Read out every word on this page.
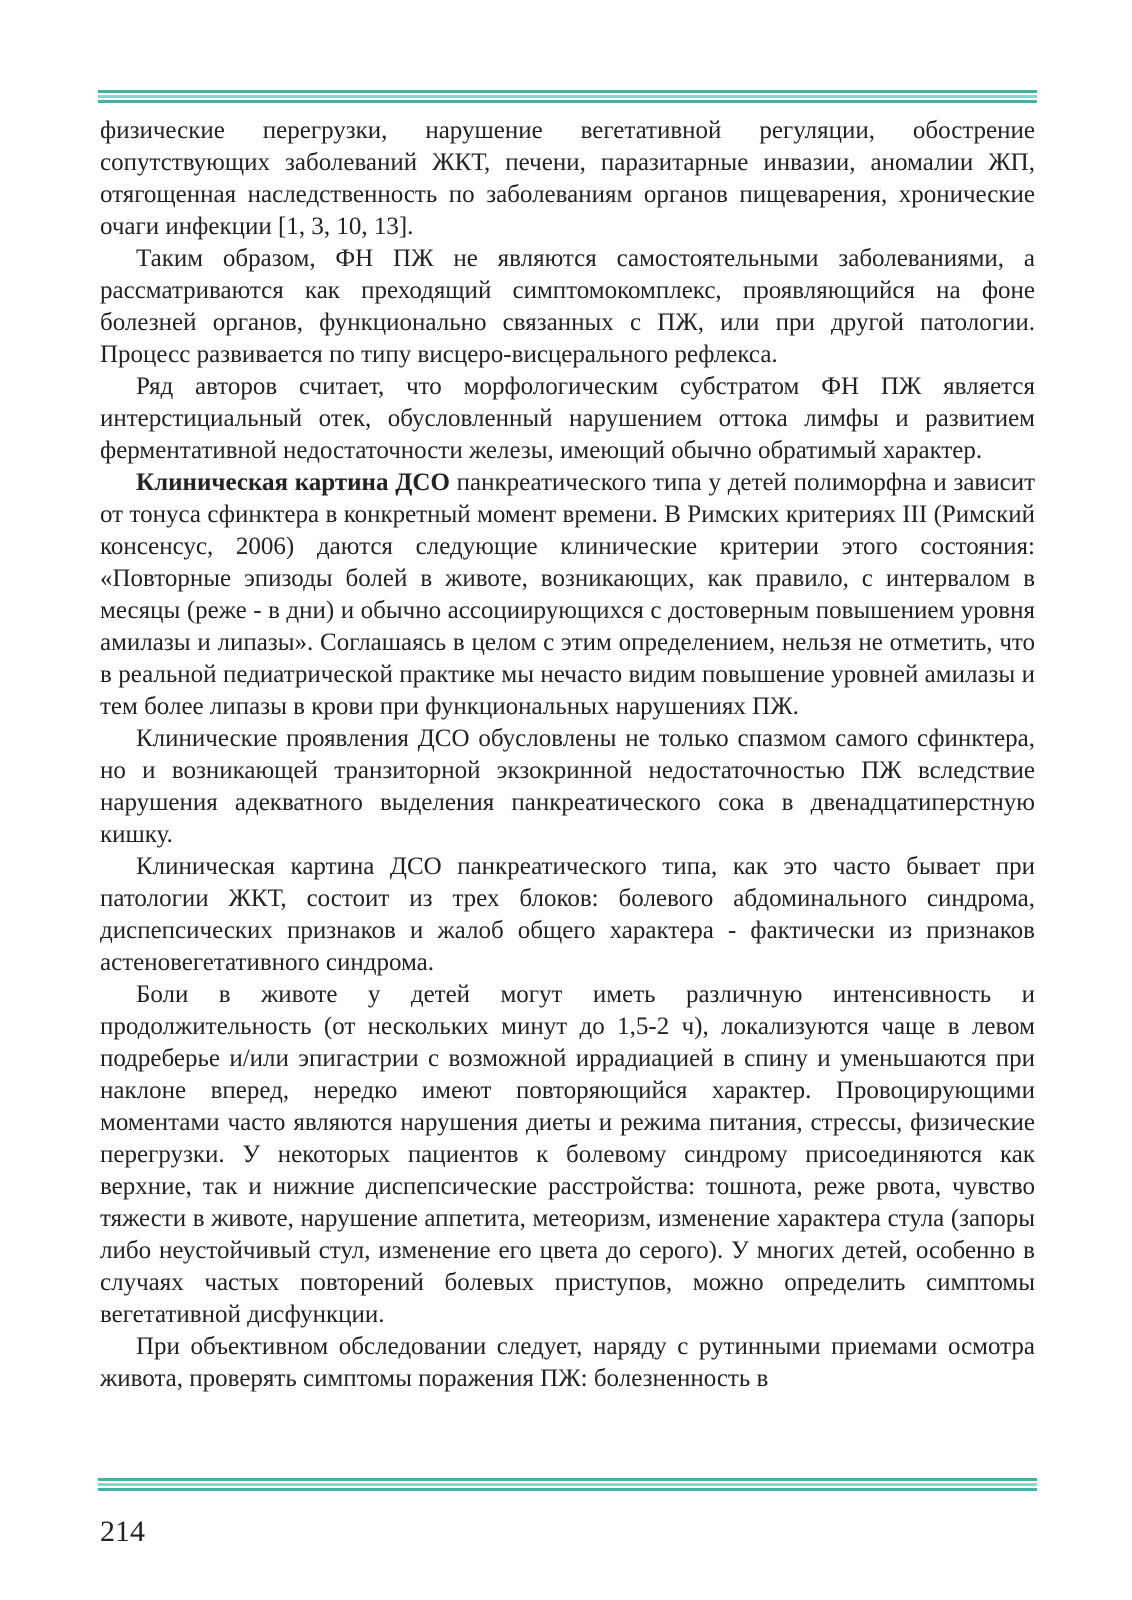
физические перегрузки, нарушение вегетативной регуляции, обострение сопутствующих заболеваний ЖКТ, печени, паразитарные инвазии, аномалии ЖП, отягощенная наследственность по заболеваниям органов пищеварения, хронические очаги инфекции [1, 3, 10, 13].

Таким образом, ФН ПЖ не являются самостоятельными заболеваниями, а рассматриваются как преходящий симптомокомплекс, проявляющийся на фоне болезней органов, функционально связанных с ПЖ, или при другой патологии. Процесс развивается по типу висцеро-висцерального рефлекса.

Ряд авторов считает, что морфологическим субстратом ФН ПЖ является интерстициальный отек, обусловленный нарушением оттока лимфы и развитием ферментативной недостаточности железы, имеющий обычно обратимый характер.

Клиническая картина ДСО панкреатического типа у детей полиморфна и зависит от тонуса сфинктера в конкретный момент времени. В Римских критериях III (Римский консенсус, 2006) даются следующие клинические критерии этого состояния: «Повторные эпизоды болей в животе, возникающих, как правило, с интервалом в месяцы (реже - в дни) и обычно ассоциирующихся с достоверным повышением уровня амилазы и липазы». Соглашаясь в целом с этим определением, нельзя не отметить, что в реальной педиатрической практике мы нечасто видим повышение уровней амилазы и тем более липазы в крови при функциональных нарушениях ПЖ.

Клинические проявления ДСО обусловлены не только спазмом самого сфинктера, но и возникающей транзиторной экзокринной недостаточностью ПЖ вследствие нарушения адекватного выделения панкреатического сока в двенадцатиперстную кишку.

Клиническая картина ДСО панкреатического типа, как это часто бывает при патологии ЖКТ, состоит из трех блоков: болевого абдоминального синдрома, диспепсических признаков и жалоб общего характера - фактически из признаков астеновегетативного синдрома.

Боли в животе у детей могут иметь различную интенсивность и продолжительность (от нескольких минут до 1,5-2 ч), локализуются чаще в левом подреберье и/или эпигастрии с возможной иррадиацией в спину и уменьшаются при наклоне вперед, нередко имеют повторяющийся характер. Провоцирующими моментами часто являются нарушения диеты и режима питания, стрессы, физические перегрузки. У некоторых пациентов к болевому синдрому присоединяются как верхние, так и нижние диспепсические расстройства: тошнота, реже рвота, чувство тяжести в животе, нарушение аппетита, метеоризм, изменение характера стула (запоры либо неустойчивый стул, изменение его цвета до серого). У многих детей, особенно в случаях частых повторений болевых приступов, можно определить симптомы вегетативной дисфункции.

При объективном обследовании следует, наряду с рутинными приемами осмотра живота, проверять симптомы поражения ПЖ: болезненность в

214
